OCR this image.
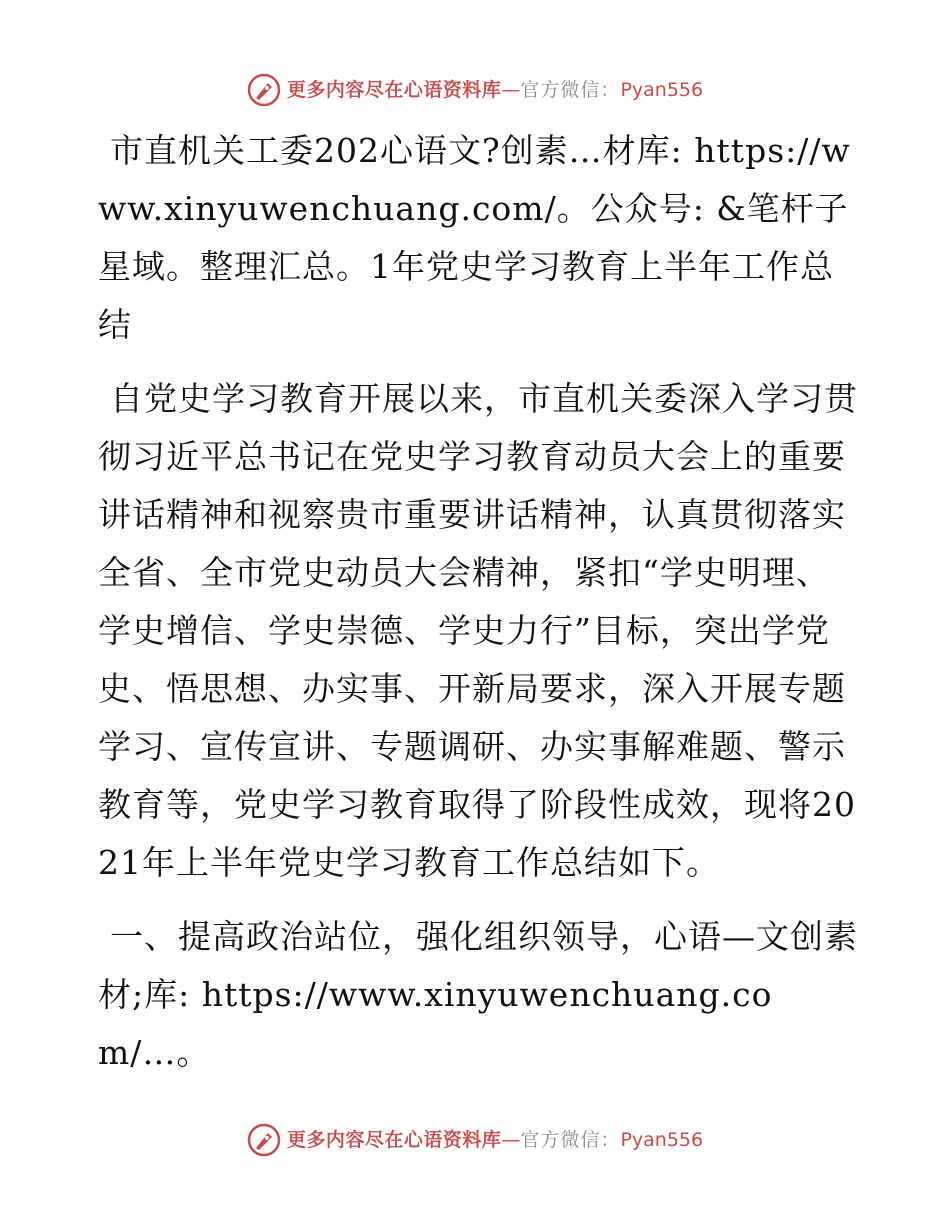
更多内容尽在心语资料库—官方微信：Pyan556

市直机关工委202心语文?创素…材库: https://www.xinyuwenchuang.com/。公众号: &笔杆子星域。整理汇总。1年党史学习教育上半年工作总结

自党史学习教育开展以来，市直机关委深入学习贯彻习近平总书记在党史学习教育动员大会上的重要讲话精神和视察贵市重要讲话精神，认真贯彻落实全省、全市党史动员大会精神，紧扣“学史明理、学史增信、学史崇德、学史力行”目标，突出学党史、悟思想、办实事、开新局要求，深入开展专题学习、宣传宣讲、专题调研、办实事解难题、警示教育等，党史学习教育取得了阶段性成效，现将2021年上半年党史学习教育工作总结如下。

一、提高政治站位，强化组织领导，心语—文创素材;库: https://www.xinyuwenchuang.com/…。

更多内容尽在心语资料库—官方微信：Pyan556
